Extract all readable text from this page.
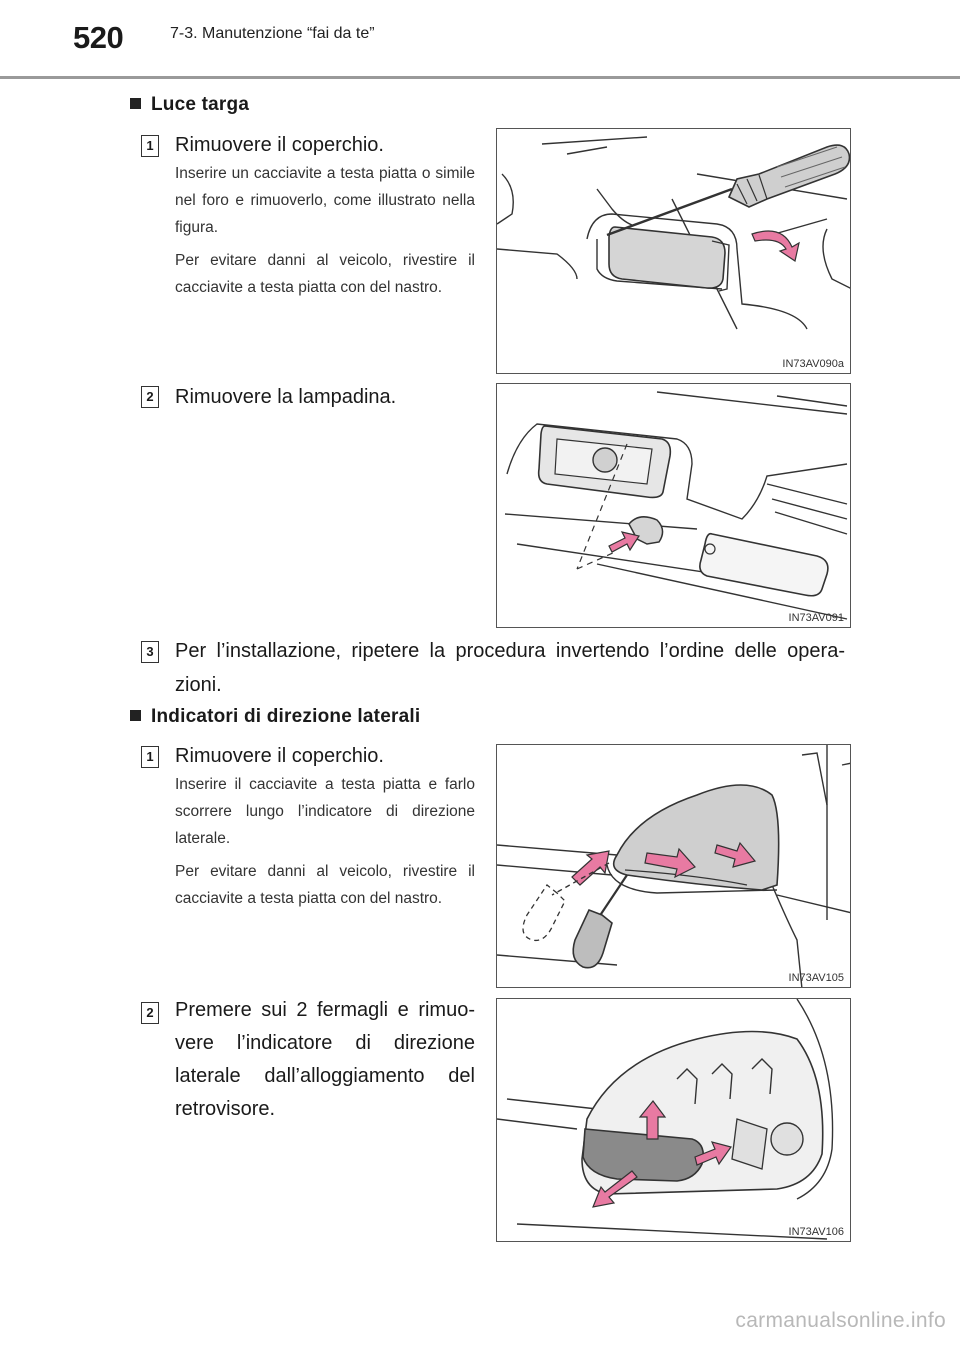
520	7-3. Manutenzione “fai da te”
Luce targa
1 Rimuovere il coperchio.
Inserire un cacciavite a testa piatta o simile nel foro e rimuoverlo, come illustrato nella figura.
Per evitare danni al veicolo, rivestire il cacciavite a testa piatta con del nastro.
IN73AV090a
2 Rimuovere la lampadina.
IN73AV091
3 Per l’installazione, ripetere la procedura invertendo l’ordine delle opera-zioni.
Indicatori di direzione laterali
1 Rimuovere il coperchio.
Inserire il cacciavite a testa piatta e farlo scorrere lungo l’indicatore di direzione laterale.
Per evitare danni al veicolo, rivestire il cacciavite a testa piatta con del nastro.
IN73AV105
2 Premere sui 2 fermagli e rimuo-vere l’indicatore di direzione laterale dall’alloggiamento del retrovisore.
IN73AV106
carmanualsonline.info
